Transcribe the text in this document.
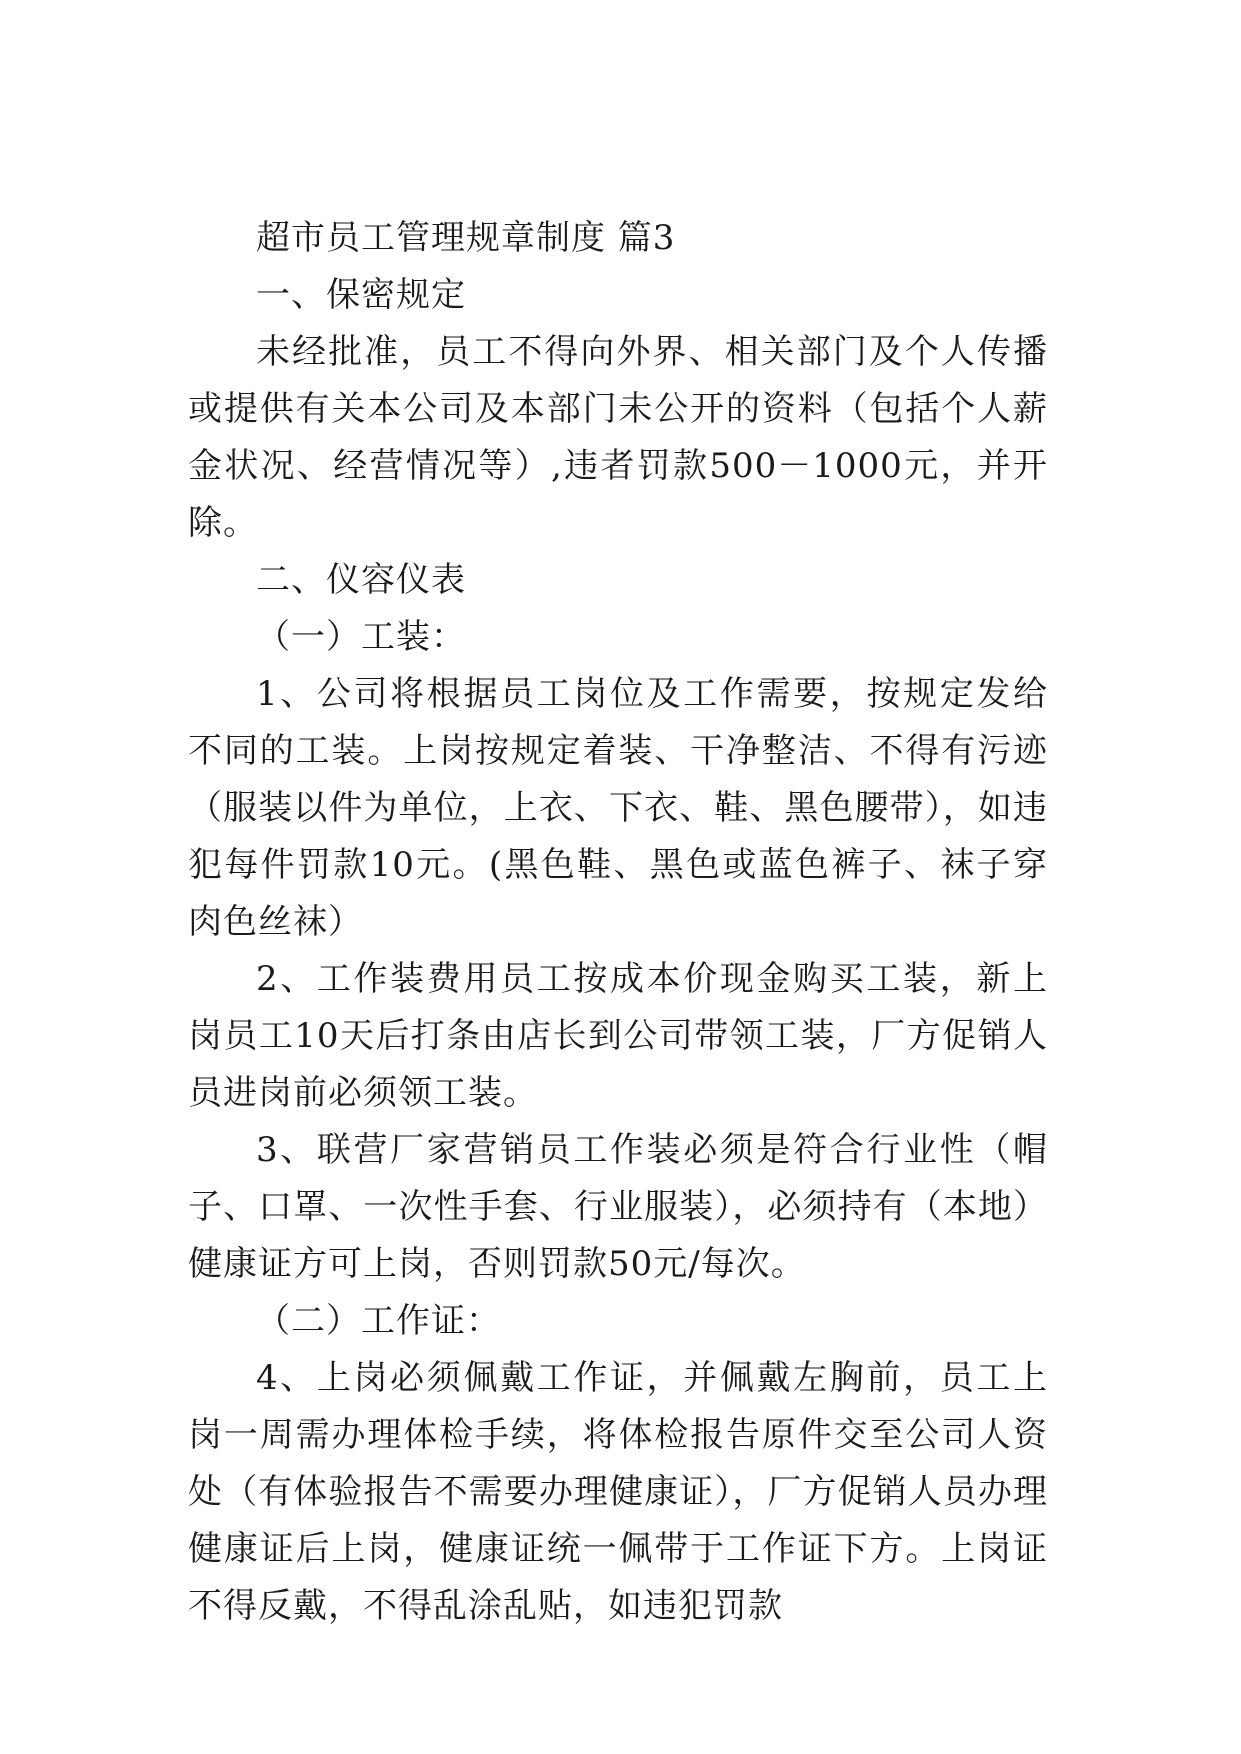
超市员工管理规章制度 篇3

一、保密规定

未经批准，员工不得向外界、相关部门及个人传播或提供有关本公司及本部门未公开的资料（包括个人薪金状况、经营情况等）,违者罚款500－1000元，并开除。

二、仪容仪表

（一）工装：

1、公司将根据员工岗位及工作需要，按规定发给不同的工装。上岗按规定着装、干净整洁、不得有污迹（服装以件为单位，上衣、下衣、鞋、黑色腰带），如违犯每件罚款10元。(黑色鞋、黑色或蓝色裤子、袜子穿肉色丝袜）

2、工作装费用员工按成本价现金购买工装，新上岗员工10天后打条由店长到公司带领工装，厂方促销人员进岗前必须领工装。

3、联营厂家营销员工作装必须是符合行业性（帽子、口罩、一次性手套、行业服装），必须持有（本地）健康证方可上岗，否则罚款50元/每次。

（二）工作证：

4、上岗必须佩戴工作证，并佩戴左胸前，员工上岗一周需办理体检手续，将体检报告原件交至公司人资处（有体验报告不需要办理健康证），厂方促销人员办理健康证后上岗，健康证统一佩带于工作证下方。上岗证不得反戴，不得乱涂乱贴，如违犯罚款
